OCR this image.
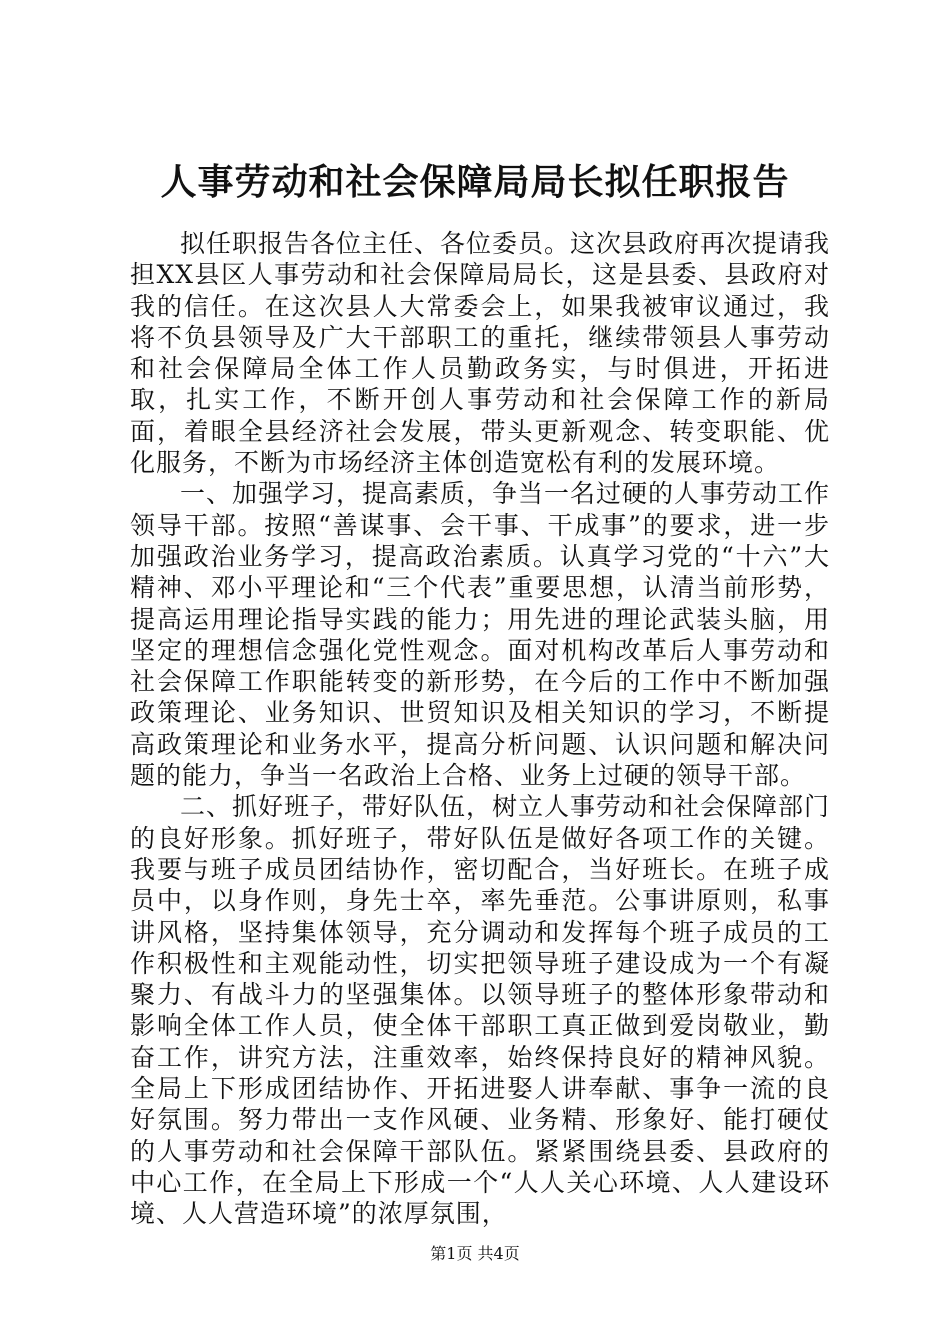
人事劳动和社会保障局局长拟任职报告

拟任职报告各位主任、各位委员。这次县政府再次提请我担XX县区人事劳动和社会保障局局长，这是县委、县政府对我的信任。在这次县人大常委会上，如果我被审议通过，我将不负县领导及广大干部职工的重托，继续带领县人事劳动和社会保障局全体工作人员勤政务实，与时俱进，开拓进取，扎实工作，不断开创人事劳动和社会保障工作的新局面，着眼全县经济社会发展，带头更新观念、转变职能、优化服务，不断为市场经济主体创造宽松有利的发展环境。

一、加强学习，提高素质，争当一名过硬的人事劳动工作领导干部。按照“善谋事、会干事、干成事”的要求，进一步加强政治业务学习，提高政治素质。认真学习党的“十六”大精神、邓小平理论和“三个代表”重要思想，认清当前形势，提高运用理论指导实践的能力；用先进的理论武装头脑，用坚定的理想信念强化党性观念。面对机构改革后人事劳动和社会保障工作职能转变的新形势，在今后的工作中不断加强政策理论、业务知识、世贸知识及相关知识的学习，不断提高政策理论和业务水平，提高分析问题、认识问题和解决问题的能力，争当一名政治上合格、业务上过硬的领导干部。

二、抓好班子，带好队伍，树立人事劳动和社会保障部门的良好形象。抓好班子，带好队伍是做好各项工作的关键。我要与班子成员团结协作，密切配合，当好班长。在班子成员中，以身作则，身先士卒，率先垂范。公事讲原则，私事讲风格，坚持集体领导，充分调动和发挥每个班子成员的工作积极性和主观能动性，切实把领导班子建设成为一个有凝聚力、有战斗力的坚强集体。以领导班子的整体形象带动和影响全体工作人员，使全体干部职工真正做到爱岗敬业，勤奋工作，讲究方法，注重效率，始终保持良好的精神风貌。全局上下形成团结协作、开拓进娶人讲奉献、事争一流的良好氛围。努力带出一支作风硬、业务精、形象好、能打硬仗的人事劳动和社会保障干部队伍。紧紧围绕县委、县政府的中心工作，在全局上下形成一个“人人关心环境、人人建设环境、人人营造环境”的浓厚氛围，

第1页 共4页
